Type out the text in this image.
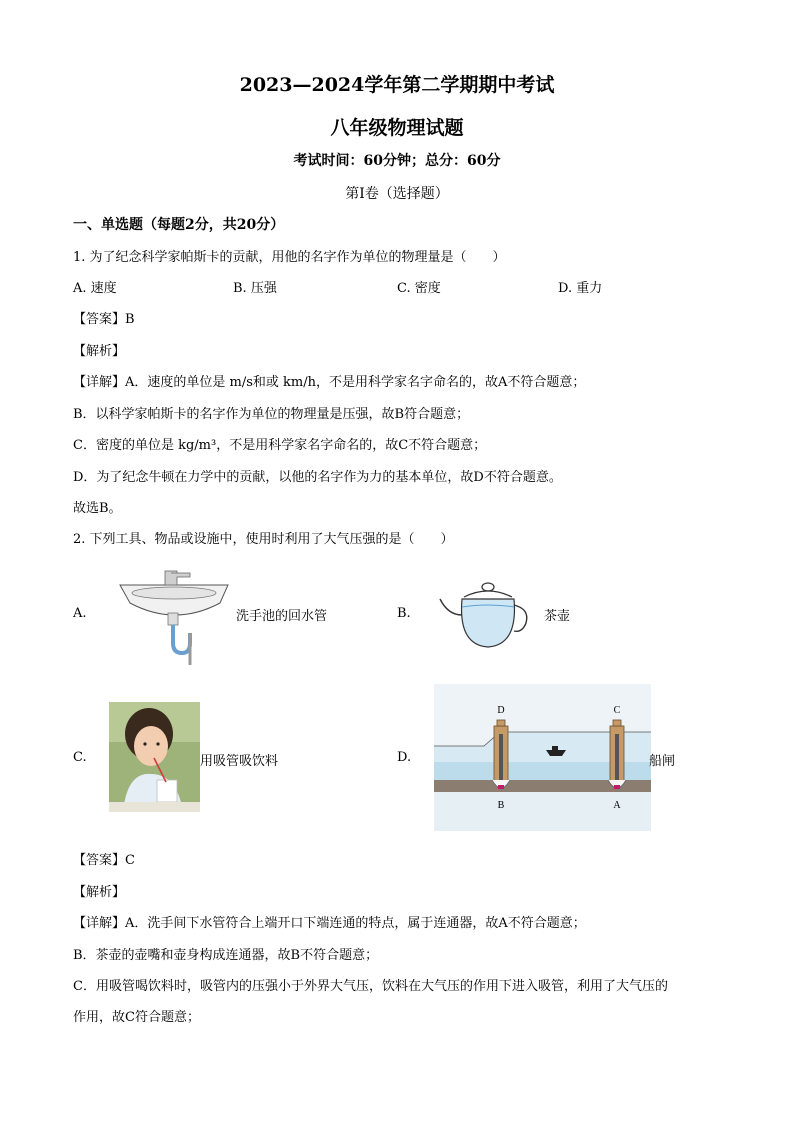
2023—2024学年第二学期期中考试
八年级物理试题
考试时间：60分钟；总分：60分
第Ⅰ卷（选择题）
一、单选题（每题2分，共20分）
1. 为了纪念科学家帕斯卡的贡献，用他的名字作为单位的物理量是（　　）
A. 速度	B. 压强	C. 密度	D. 重力
【答案】B
【解析】
【详解】A．速度的单位是 m/s和或 km/h，不是用科学家名字命名的，故A不符合题意；
B．以科学家帕斯卡的名字作为单位的物理量是压强，故B符合题意；
C．密度的单位是 kg/m³，不是用科学家名字命名的，故C不符合题意；
D．为了纪念牛顿在力学中的贡献，以他的名字作为力的基本单位，故D不符合题意。
故选B。
2. 下列工具、物品或设施中，使用时利用了大气压强的是（　　）
A.	洗手池的回水管	B.	茶壶
C.	用吸管吸饮料	D.
D	C
B	A
船闸
【答案】C
【解析】
【详解】A．洗手间下水管符合上端开口下端连通的特点，属于连通器，故A不符合题意；
B．茶壶的壶嘴和壶身构成连通器，故B不符合题意；
C．用吸管喝饮料时，吸管内的压强小于外界大气压，饮料在大气压的作用下进入吸管，利用了大气压的
作用，故C符合题意；
